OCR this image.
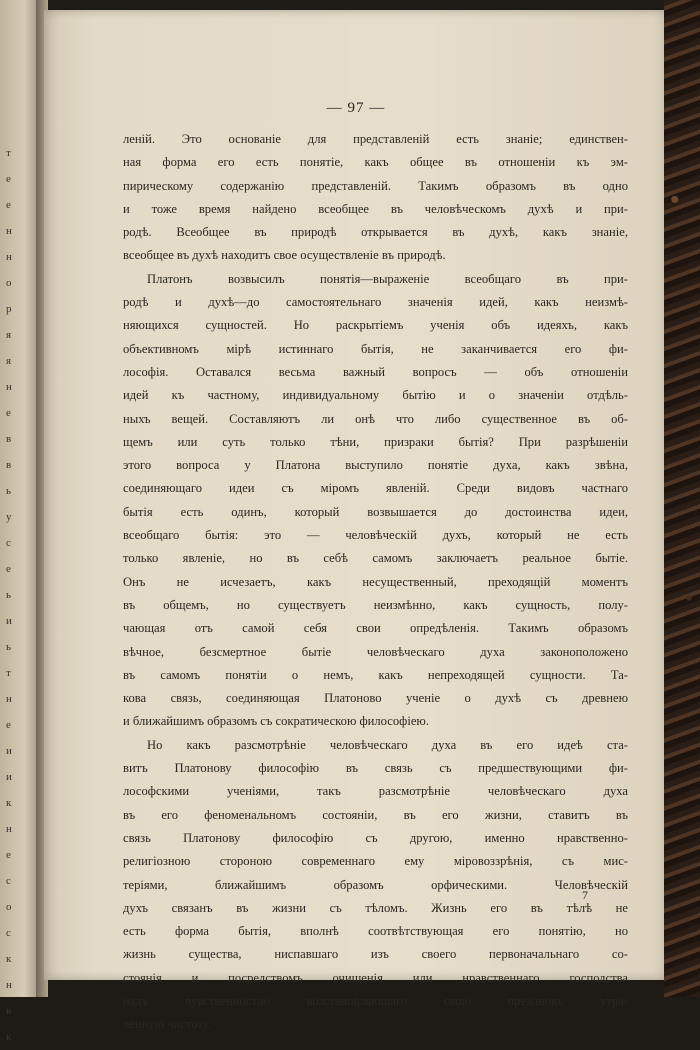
т
е
е
н
н
о
р
я
я
н
е
в
в
ь
у
с
е
ь
и
ь
т
н
е
и
и
к
н
е
с
о
с
к
н
в
к
— 97 —
лeній. Это основаніе для представленій есть знаніе; единствен-
ная форма его есть понятіе, какъ общее въ отношеніи къ эм-
пирическому содержанію представленій. Такимъ образомъ въ одно
и тоже время найдено всеобщее въ человѣческомъ духѣ и при-
родѣ. Всеобщее въ природѣ открывается въ духѣ, какъ знаніе,
всеобщее въ духѣ находитъ свое осуществленіе въ природѣ.
Платонъ возвысилъ понятія—выраженіе всеобщаго въ при-
родѣ и духѣ—до самостоятельнаго значенія идей, какъ неизмѣ-
няющихся сущностей. Но раскрытіемъ ученія объ идеяхъ, какъ
объективномъ мірѣ истиннаго бытія, не заканчивается его фи-
лософія. Оставался весьма важный вопросъ — объ отношеніи
идей къ частному, индивидуальному бытію и о значеніи отдѣль-
ныхъ вещей. Составляютъ ли онѣ что либо существенное въ об-
щемъ или суть только тѣни, призраки бытія? При разрѣшеніи
этого вопроса у Платона выступило понятіе духа, какъ звѣна,
соединяющаго идеи съ міромъ явленій. Среди видовъ частнаго
бытія есть одинъ, который возвышается до достоинства идеи,
всеобщаго бытія: это — человѣческій духъ, который не есть
только явленіе, но въ себѣ самомъ заключаетъ реальное бытіе.
Онъ не исчезаетъ, какъ несущественный, преходящій моментъ
въ общемъ, но существуетъ неизмѣнно, какъ сущность, полу-
чающая отъ самой себя свои опредѣленія. Такимъ образомъ
вѣчное, безсмертное бытіе человѣческаго духа законоположено
въ самомъ понятіи о немъ, какъ непреходящей сущности. Та-
кова связь, соединяющая Платоново ученіе о духѣ съ древнею
и ближайшимъ образомъ съ сократическою философіею.
Но какъ разсмотрѣніе человѣческаго духа въ его идеѣ ста-
витъ Платонову философію въ связь съ предшествующими фи-
лософскими ученіями, такъ разсмотрѣніе человѣческаго духа
въ его феноменальномъ состояніи, въ его жизни, ставитъ въ
связь Платонову философію съ другою, именно нравственно-
религіозною стороною современнаго ему міровоззрѣнія, съ мис-
теріями, ближайшимъ образомъ орфическими. Человѣческій
духъ связанъ въ жизни съ тѣломъ. Жизнь его въ тѣлѣ не
есть форма бытія, вполнѣ соотвѣтствующая его понятію, но
жизнь существа, ниспавшаго изъ своего первоначальнаго со-
стоянія и посредствомъ очищенія или нравственнаго господства
надъ чувственностію возстановляющаго свою прежнюю, утра-
ченную чистоту.
7
